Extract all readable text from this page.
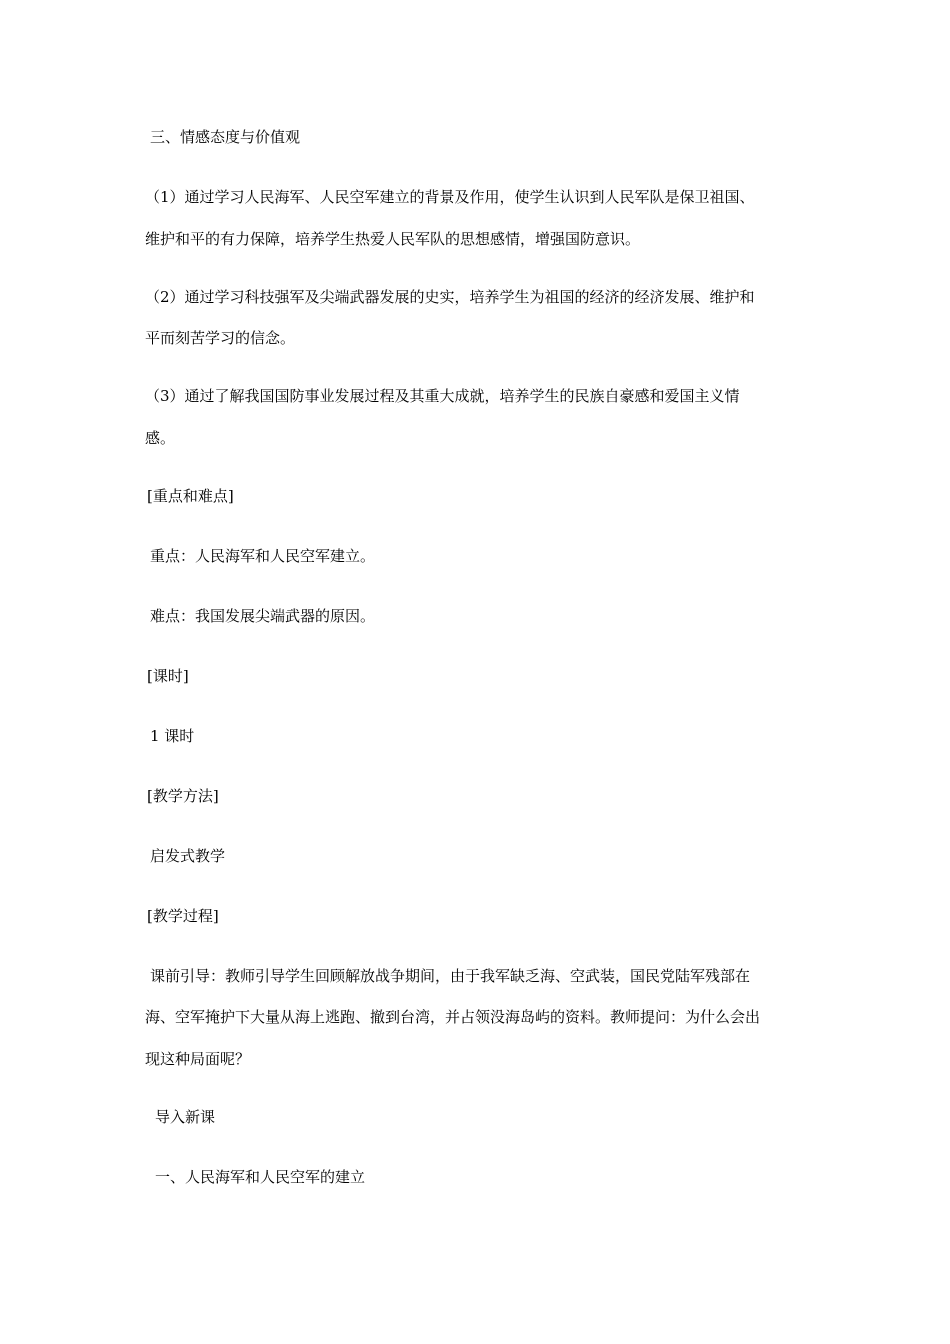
三、情感态度与价值观
（1）通过学习人民海军、人民空军建立的背景及作用，使学生认识到人民军队是保卫祖国、
维护和平的有力保障，培养学生热爱人民军队的思想感情，增强国防意识。
（2）通过学习科技强军及尖端武器发展的史实，培养学生为祖国的经济的经济发展、维护和
平而刻苦学习的信念。
（3）通过了解我国国防事业发展过程及其重大成就，培养学生的民族自豪感和爱国主义情
感。
[重点和难点]
重点：人民海军和人民空军建立。
难点：我国发展尖端武器的原因。
[课时]
1 课时
[教学方法]
启发式教学
[教学过程]
课前引导：教师引导学生回顾解放战争期间，由于我军缺乏海、空武装，国民党陆军残部在
海、空军掩护下大量从海上逃跑、撤到台湾，并占领没海岛屿的资料。教师提问：为什么会出
现这种局面呢？
导入新课
一、人民海军和人民空军的建立
